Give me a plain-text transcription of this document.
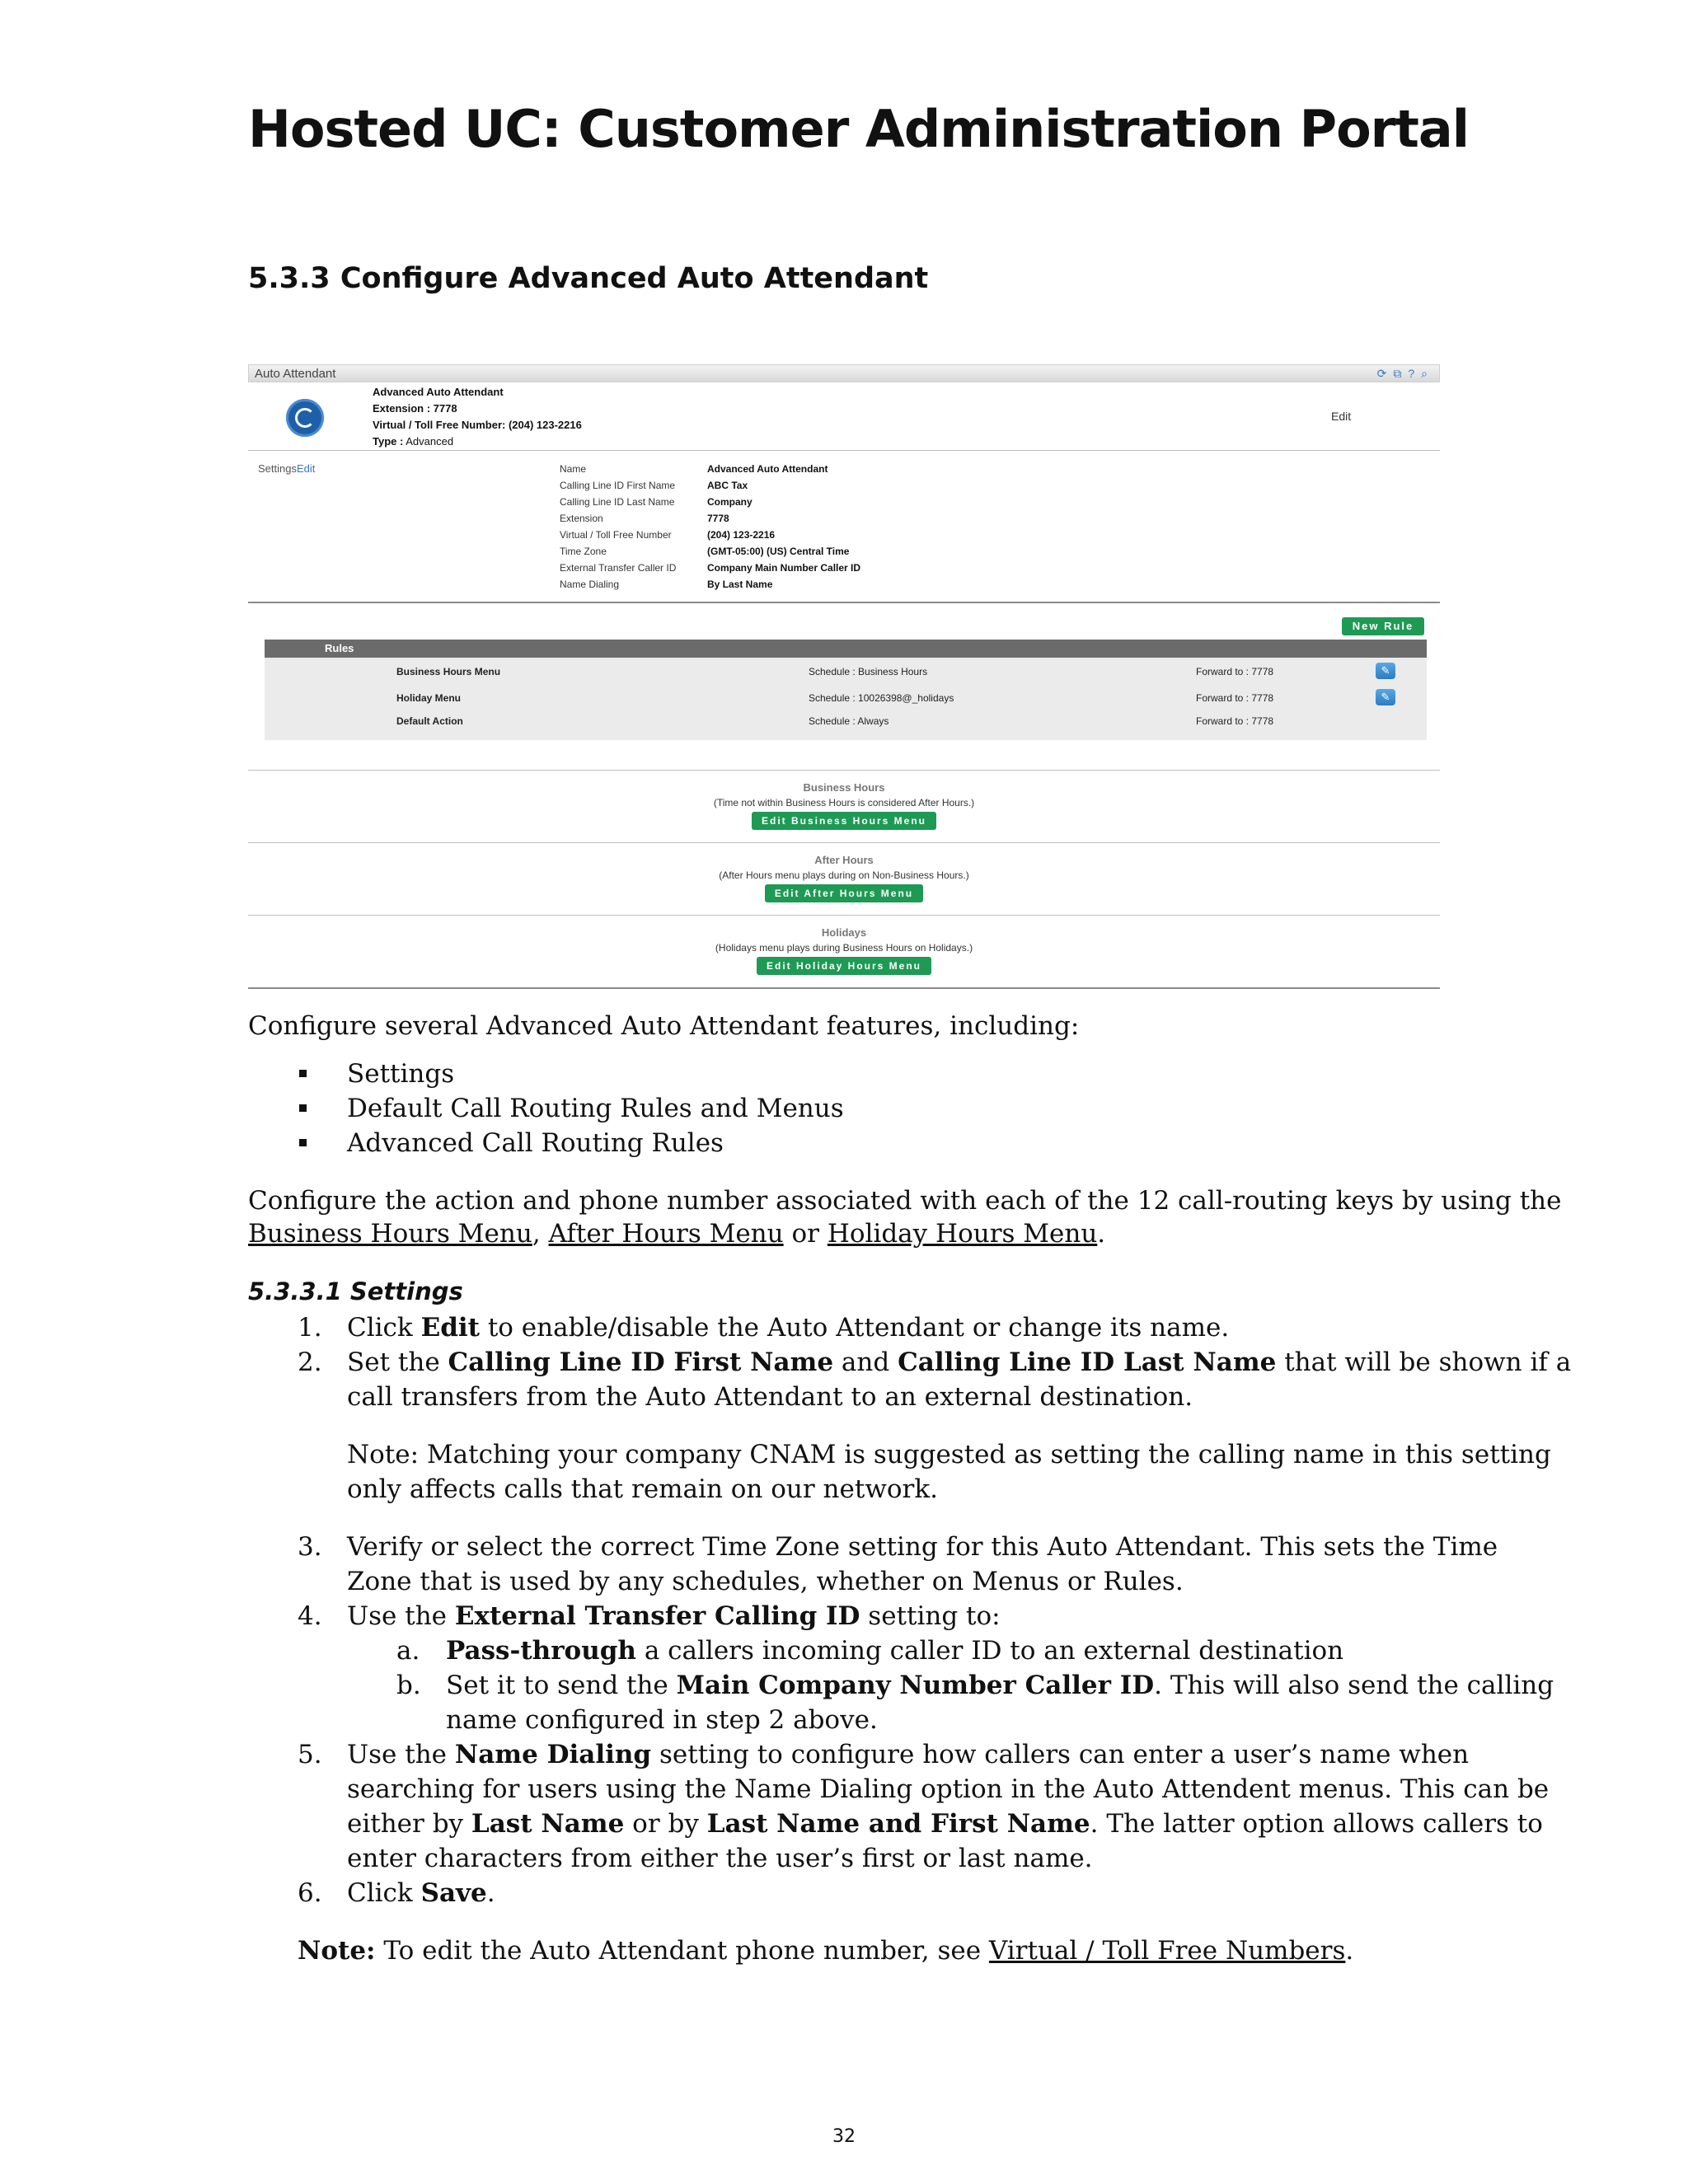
Hosted UC: Customer Administration Portal
5.3.3 Configure Advanced Auto Attendant
Auto Attendant	⟳⧉?⌕
Advanced Auto Attendant
Extension : 7778
Virtual / Toll Free Number: (204) 123-2216
Type : Advanced
Edit
SettingsEdit	Name	Advanced Auto Attendant
Calling Line ID First Name	ABC Tax
Calling Line ID Last Name	Company
Extension	7778
Virtual / Toll Free Number	(204) 123-2216
Time Zone	(GMT-05:00) (US) Central Time
External Transfer Caller ID	Company Main Number Caller ID
Name Dialing	By Last Name
New Rule
Rules
Business Hours Menu	Schedule : Business Hours	Forward to : 7778	✎
Holiday Menu	Schedule : 10026398@_holidays	Forward to : 7778	✎
Default Action	Schedule : Always	Forward to : 7778
Business Hours
(Time not within Business Hours is considered After Hours.)
Edit Business Hours Menu
After Hours
(After Hours menu plays during on Non-Business Hours.)
Edit After Hours Menu
Holidays
(Holidays menu plays during Business Hours on Holidays.)
Edit Holiday Hours Menu

Configure several Advanced Auto Attendant features, including:

Settings

Default Call Routing Rules and Menus

Advanced Call Routing Rules

Configure the action and phone number associated with each of the 12 call-routing keys by using the

Business Hours Menu, After Hours Menu or Holiday Hours Menu.

5.3.3.1 Settings
1. Click Edit to enable/disable the Auto Attendant or change its name.

2. Set the Calling Line ID First Name and Calling Line ID Last Name that will be shown if a

call transfers from the Auto Attendant to an external destination.

Note: Matching your company CNAM is suggested as setting the calling name in this setting

only affects calls that remain on our network.

3. Verify or select the correct Time Zone setting for this Auto Attendant. This sets the Time

Zone that is used by any schedules, whether on Menus or Rules.

4. Use the External Transfer Calling ID setting to:

a. Pass-through a callers incoming caller ID to an external destination

b. Set it to send the Main Company Number Caller ID. This will also send the calling

name configured in step 2 above.

5. Use the Name Dialing setting to configure how callers can enter a user’s name when

searching for users using the Name Dialing option in the Auto Attendent menus. This can be

either by Last Name or by Last Name and First Name. The latter option allows callers to

enter characters from either the user’s first or last name.

6. Click Save.

Note: To edit the Auto Attendant phone number, see Virtual / Toll Free Numbers.

32
